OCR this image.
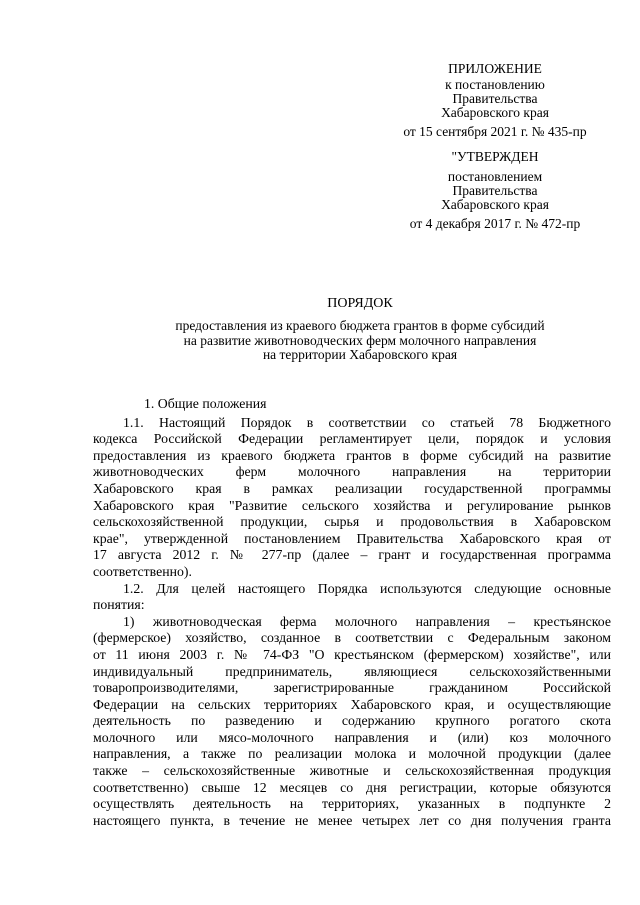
ПРИЛОЖЕНИЕ
к постановлению
Правительства
Хабаровского края
от 15 сентября 2021 г. № 435-пр
"УТВЕРЖДЕН
постановлением
Правительства
Хабаровского края
от 4 декабря 2017 г. № 472-пр
ПОРЯДОК
предоставления из краевого бюджета грантов в форме субсидий
на развитие животноводческих ферм молочного направления
на территории Хабаровского края
1. Общие положения
1.1. Настоящий Порядок в соответствии со статьей 78 Бюджетного
кодекса Российской Федерации регламентирует цели, порядок и условия
предоставления из краевого бюджета грантов в форме субсидий на развитие
животноводческих ферм молочного направления на территории
Хабаровского края в рамках реализации государственной программы
Хабаровского края "Развитие сельского хозяйства и регулирование рынков
сельскохозяйственной продукции, сырья и продовольствия в Хабаровском
крае", утвержденной постановлением Правительства Хабаровского края от
17 августа 2012 г. № 277-пр (далее – грант и государственная программа
соответственно).
1.2. Для целей настоящего Порядка используются следующие основные
понятия:
1) животноводческая ферма молочного направления – крестьянское
(фермерское) хозяйство, созданное в соответствии с Федеральным законом
от 11 июня 2003 г. № 74-ФЗ "О крестьянском (фермерском) хозяйстве", или
индивидуальный предприниматель, являющиеся сельскохозяйственными
товаропроизводителями, зарегистрированные гражданином Российской
Федерации на сельских территориях Хабаровского края, и осуществляющие
деятельность по разведению и содержанию крупного рогатого скота
молочного или мясо-молочного направления и (или) коз молочного
направления, а также по реализации молока и молочной продукции (далее
также – сельскохозяйственные животные и сельскохозяйственная продукция
соответственно) свыше 12 месяцев со дня регистрации, которые обязуются
осуществлять деятельность на территориях, указанных в подпункте 2
настоящего пункта, в течение не менее четырех лет со дня получения гранта
